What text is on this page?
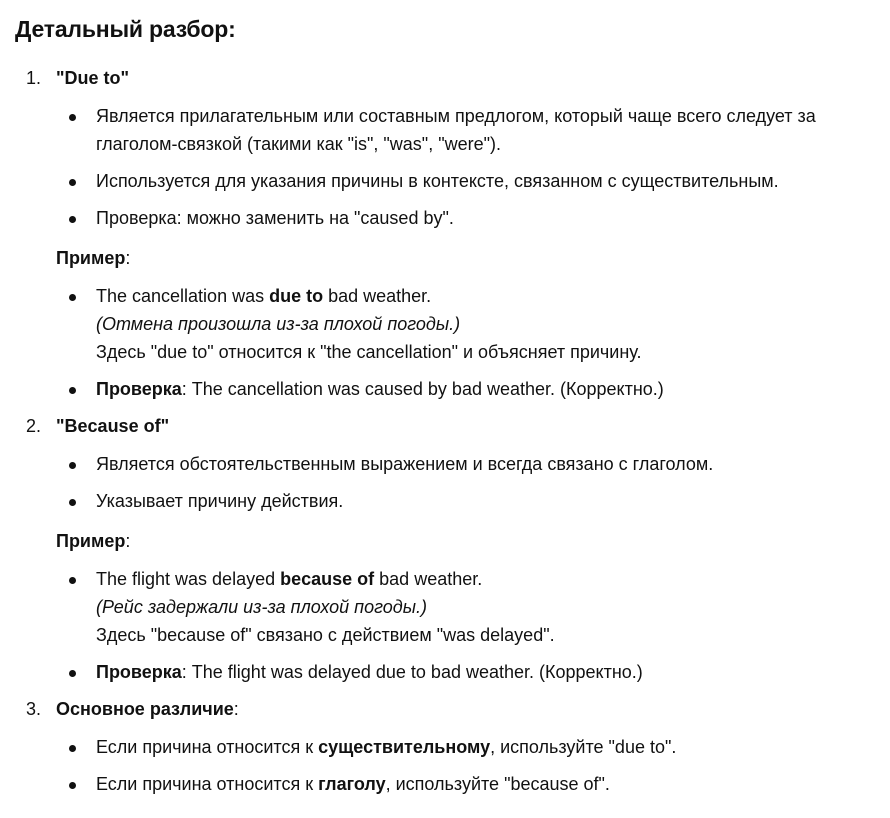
Детальный разбор:
1. "Due to"
Является прилагательным или составным предлогом, который чаще всего следует за глаголом-связкой (такими как "is", "was", "were").
Используется для указания причины в контексте, связанном с существительным.
Проверка: можно заменить на "caused by".
Пример:
The cancellation was due to bad weather.
(Отмена произошла из-за плохой погоды.)
Здесь "due to" относится к "the cancellation" и объясняет причину.
Проверка: The cancellation was caused by bad weather. (Корректно.)
2. "Because of"
Является обстоятельственным выражением и всегда связано с глаголом.
Указывает причину действия.
Пример:
The flight was delayed because of bad weather.
(Рейс задержали из-за плохой погоды.)
Здесь "because of" связано с действием "was delayed".
Проверка: The flight was delayed due to bad weather. (Корректно.)
3. Основное различие:
Если причина относится к существительному, используйте "due to".
Если причина относится к глаголу, используйте "because of".
